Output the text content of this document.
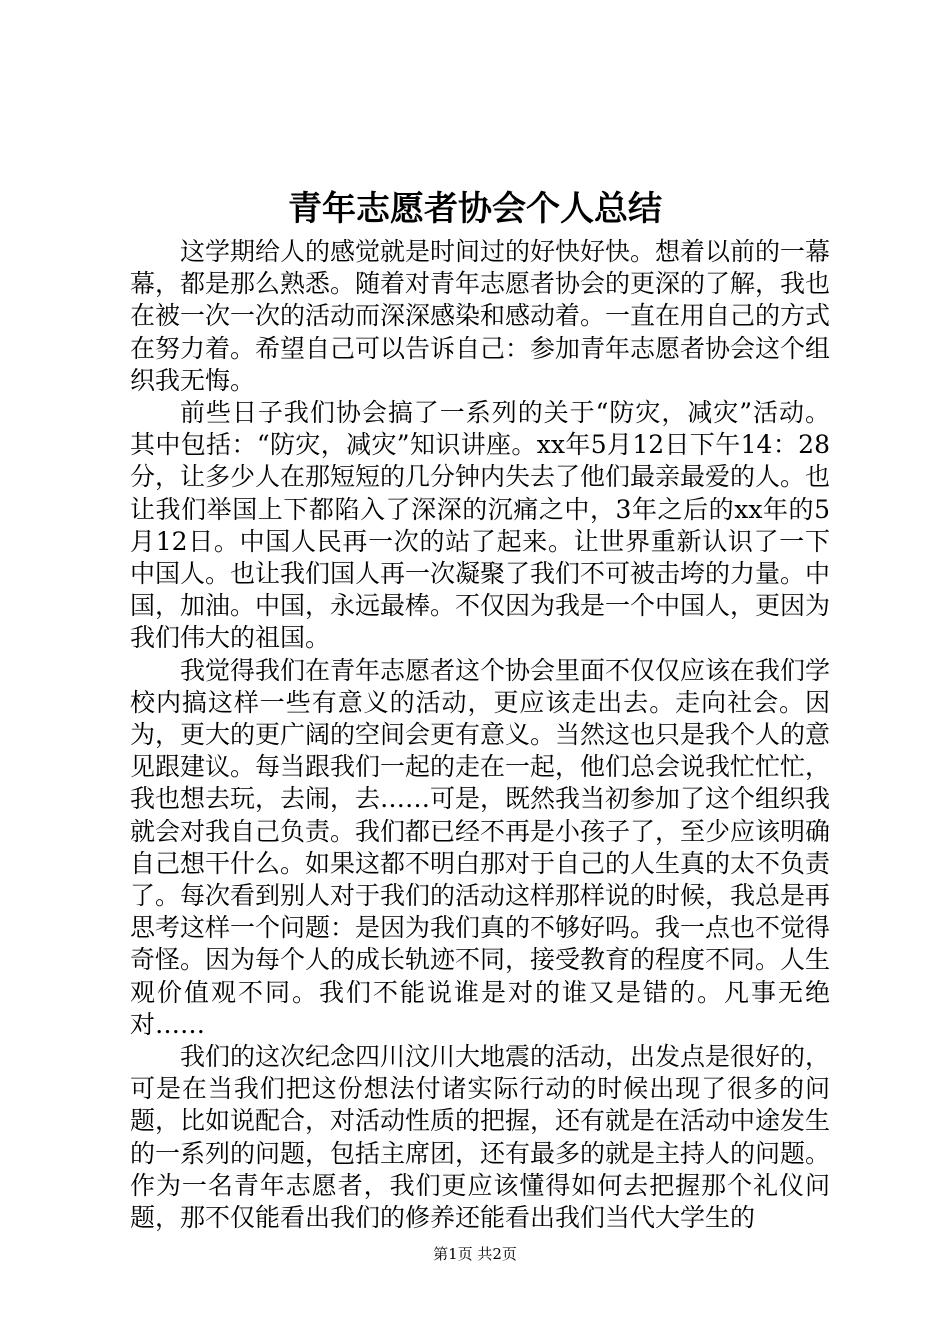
青年志愿者协会个人总结

这学期给人的感觉就是时间过的好快好快。想着以前的一幕幕，都是那么熟悉。随着对青年志愿者协会的更深的了解，我也在被一次一次的活动而深深感染和感动着。一直在用自己的方式在努力着。希望自己可以告诉自己：参加青年志愿者协会这个组织我无悔。

前些日子我们协会搞了一系列的关于“防灾，减灾”活动。其中包括：“防灾，减灾”知识讲座。xx年5月12日下午14：28分，让多少人在那短短的几分钟内失去了他们最亲最爱的人。也让我们举国上下都陷入了深深的沉痛之中，3年之后的xx年的5月12日。中国人民再一次的站了起来。让世界重新认识了一下中国人。也让我们国人再一次凝聚了我们不可被击垮的力量。中国，加油。中国，永远最棒。不仅因为我是一个中国人，更因为我们伟大的祖国。

我觉得我们在青年志愿者这个协会里面不仅仅应该在我们学校内搞这样一些有意义的活动，更应该走出去。走向社会。因为，更大的更广阔的空间会更有意义。当然这也只是我个人的意见跟建议。每当跟我们一起的走在一起，他们总会说我忙忙忙，我也想去玩，去闹，去……可是，既然我当初参加了这个组织我就会对我自己负责。我们都已经不再是小孩子了，至少应该明确自己想干什么。如果这都不明白那对于自己的人生真的太不负责了。每次看到别人对于我们的活动这样那样说的时候，我总是再思考这样一个问题：是因为我们真的不够好吗。我一点也不觉得奇怪。因为每个人的成长轨迹不同，接受教育的程度不同。人生观价值观不同。我们不能说谁是对的谁又是错的。凡事无绝对……

我们的这次纪念四川汶川大地震的活动，出发点是很好的，可是在当我们把这份想法付诸实际行动的时候出现了很多的问题，比如说配合，对活动性质的把握，还有就是在活动中途发生的一系列的问题，包括主席团，还有最多的就是主持人的问题。作为一名青年志愿者，我们更应该懂得如何去把握那个礼仪问题，那不仅能看出我们的修养还能看出我们当代大学生的

第1页 共2页
